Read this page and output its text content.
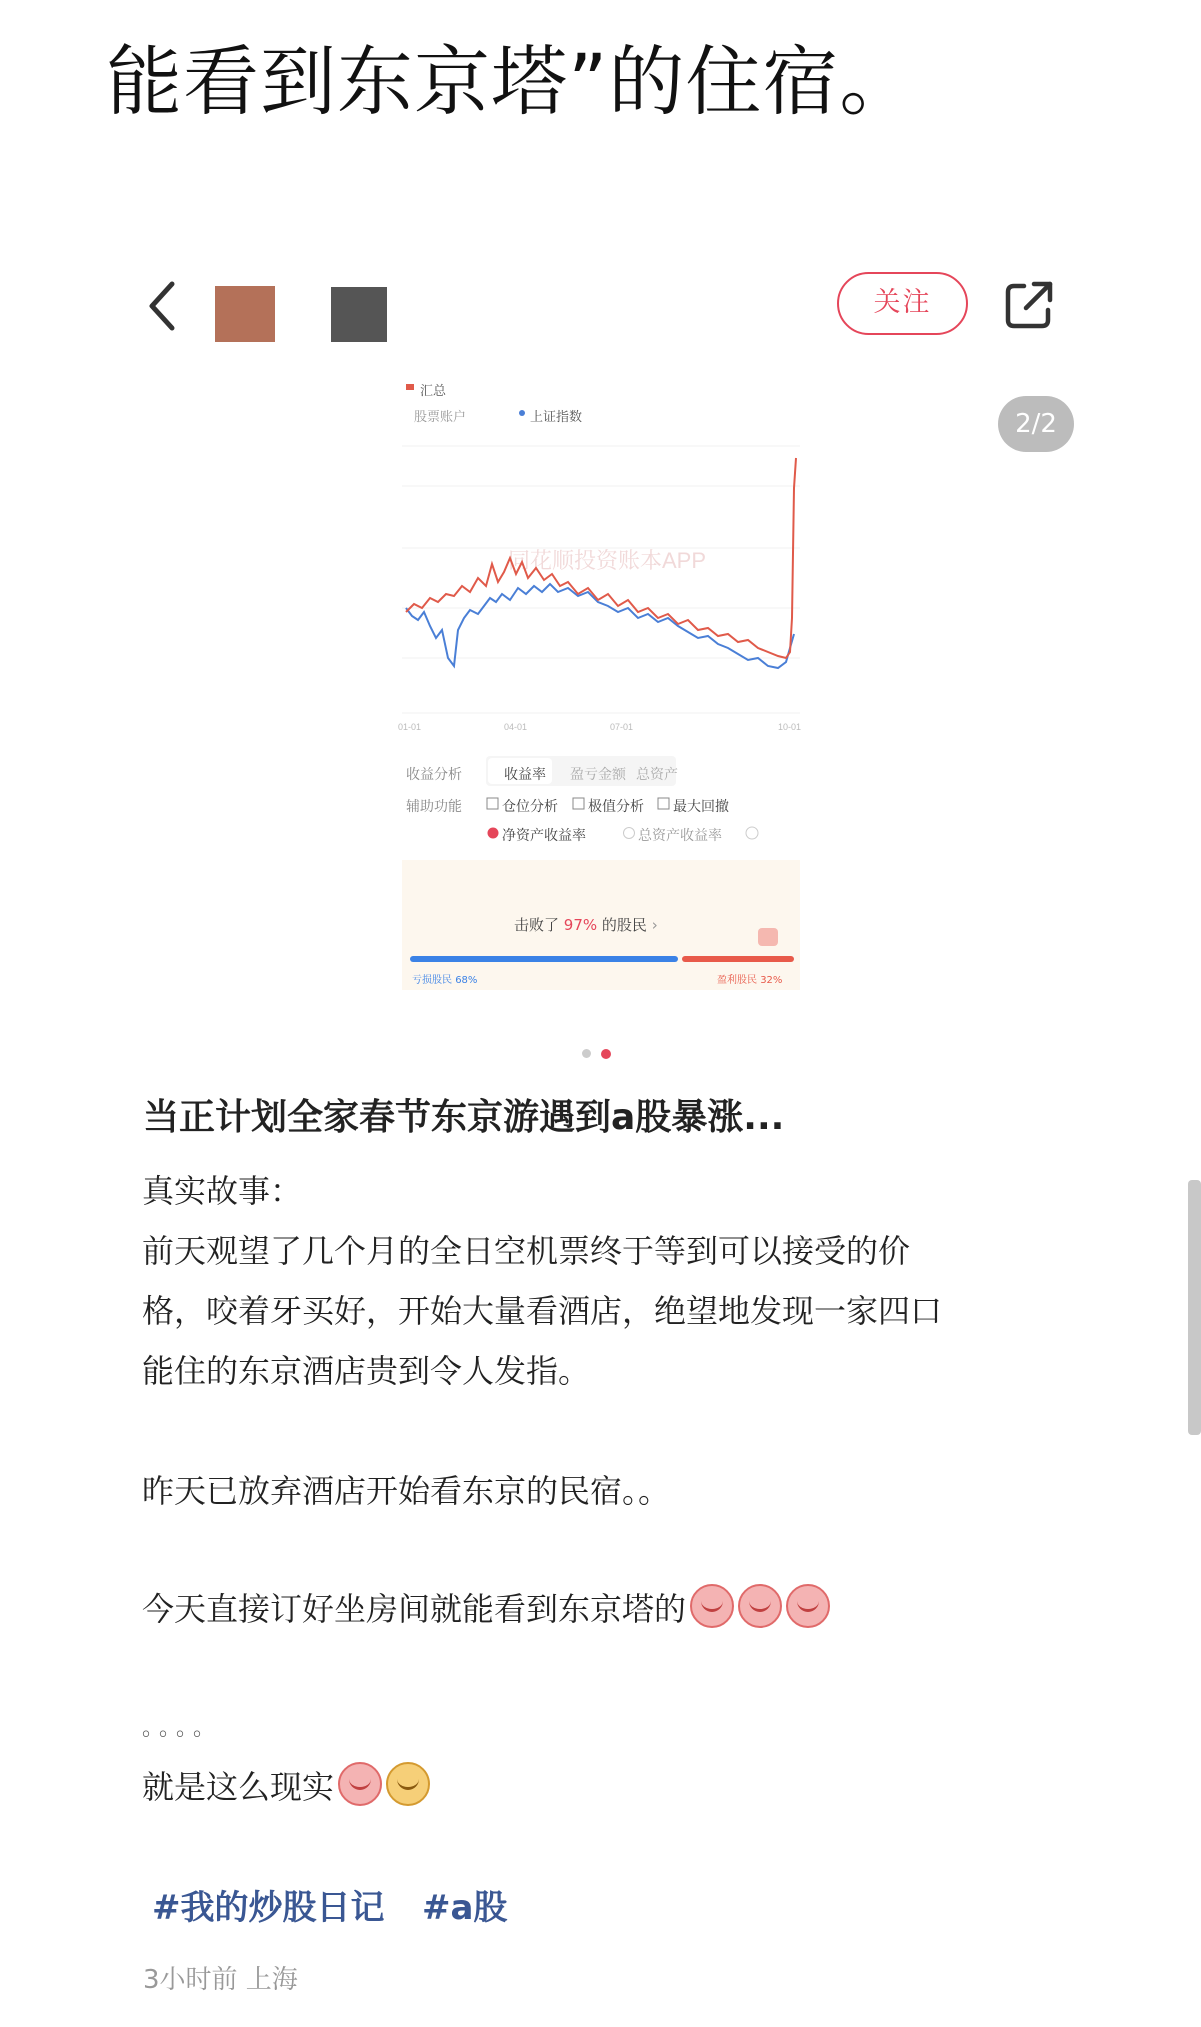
能看到东京塔”的住宿。
关注
2/2
同花顺投资账本APP
01-01	04-01	07-01	10-01
汇总
股票账户	上证指数
收益分析	收益率 盈亏金额 总资产
辅助功能	仓位分析 极值分析 最大回撤
净资产收益率	总资产收益率
击败了 97% 的股民 ›
亏损股民 68%	盈利股民 32%
当正计划全家春节东京游遇到a股暴涨...
真实故事：
前天观望了几个月的全日空机票终于等到可以接受的价
格，咬着牙买好，开始大量看酒店，绝望地发现一家四口
能住的东京酒店贵到令人发指。
昨天已放弃酒店开始看东京的民宿。。
今天直接订好坐房间就能看到东京塔的
。。。。
就是这么现实
#我的炒股日记 #a股
3小时前 上海
